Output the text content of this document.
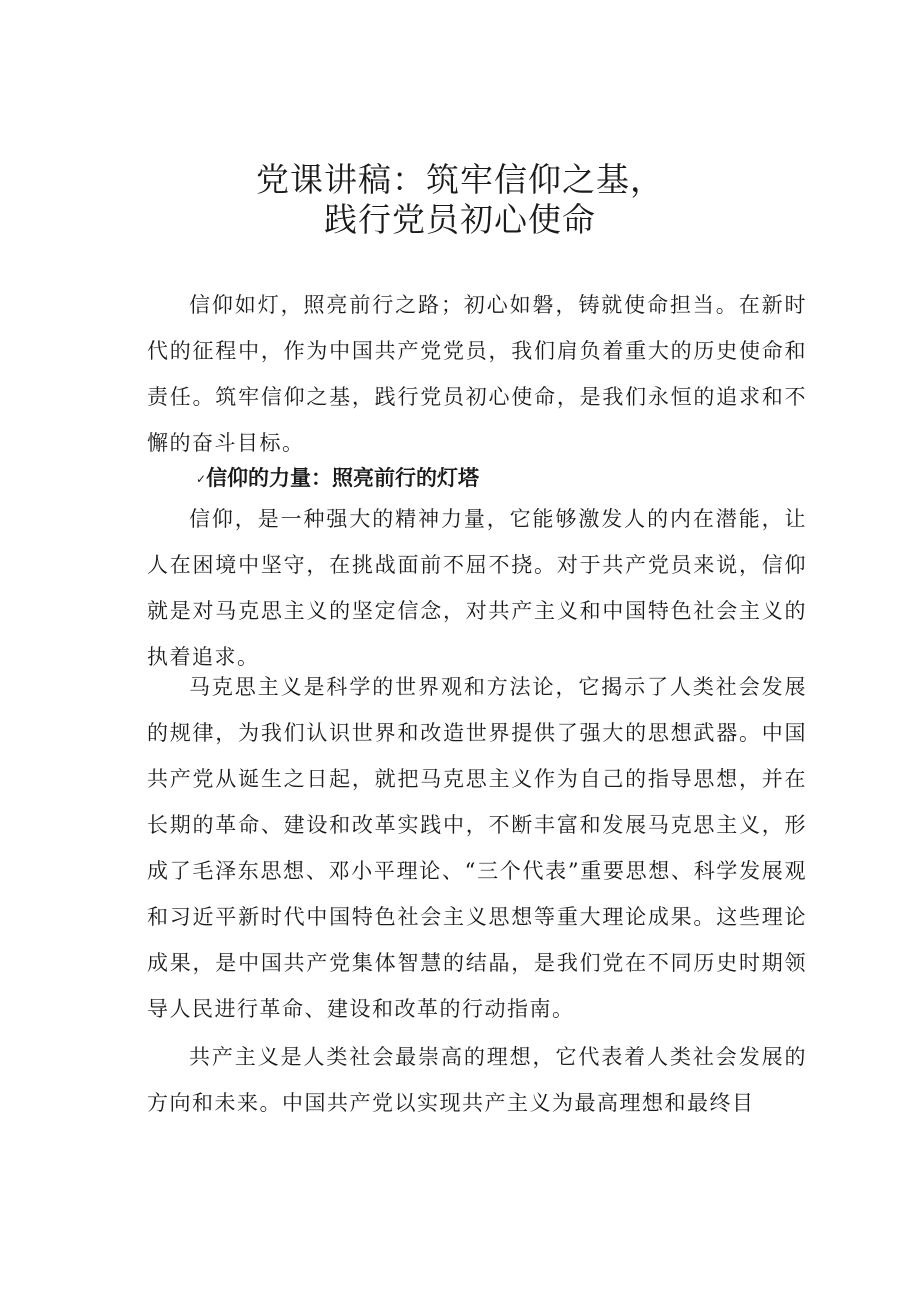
党课讲稿：筑牢信仰之基，
践行党员初心使命

信仰如灯，照亮前行之路；初心如磐，铸就使命担当。在新时代的征程中，作为中国共产党党员，我们肩负着重大的历史使命和责任。筑牢信仰之基，践行党员初心使命，是我们永恒的追求和不懈的奋斗目标。

✓信仰的力量：照亮前行的灯塔

信仰，是一种强大的精神力量，它能够激发人的内在潜能，让人在困境中坚守，在挑战面前不屈不挠。对于共产党员来说，信仰就是对马克思主义的坚定信念，对共产主义和中国特色社会主义的执着追求。

马克思主义是科学的世界观和方法论，它揭示了人类社会发展的规律，为我们认识世界和改造世界提供了强大的思想武器。中国共产党从诞生之日起，就把马克思主义作为自己的指导思想，并在长期的革命、建设和改革实践中，不断丰富和发展马克思主义，形成了毛泽东思想、邓小平理论、“三个代表”重要思想、科学发展观和习近平新时代中国特色社会主义思想等重大理论成果。这些理论成果，是中国共产党集体智慧的结晶，是我们党在不同历史时期领导人民进行革命、建设和改革的行动指南。

共产主义是人类社会最崇高的理想，它代表着人类社会发展的方向和未来。中国共产党以实现共产主义为最高理想和最终目
